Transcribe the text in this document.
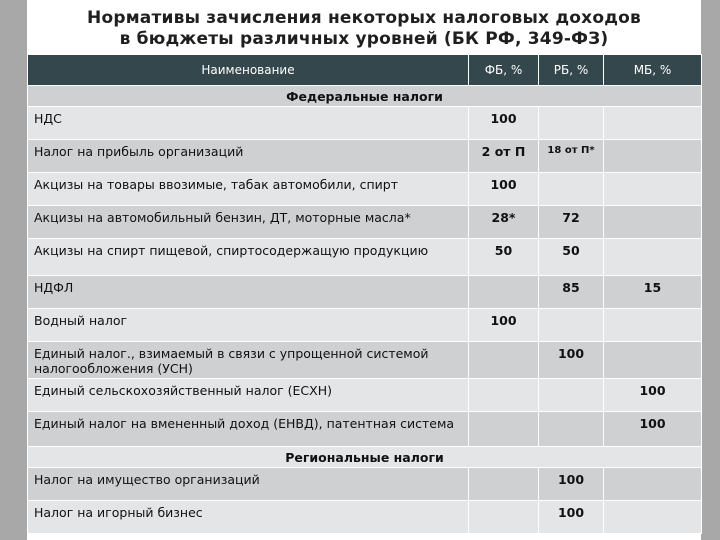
Нормативы зачисления некоторых налоговых доходов
в бюджеты различных уровней (БК РФ, 349-ФЗ)
Наименование	ФБ, %	РБ, %	МБ, %
Федеральные налоги			
НДС	100		
Налог на прибыль организаций	2 от П	18 от П*	
Акцизы на товары ввозимые, табак автомобили, спирт	100		
Акцизы на автомобильный бензин, ДТ, моторные масла*	28*	72	
Акцизы на спирт пищевой, спиртосодержащую продукцию	50	50	
НДФЛ		85	15
Водный налог	100		
Единый налог., взимаемый в связи с упрощенной системой налогообложения (УСН)		100	
Единый сельскохозяйственный налог (ЕСХН)			100
Единый налог на вмененный доход (ЕНВД), патентная система			100
Региональные налоги			
Налог на имущество организаций		100	
Налог на игорный бизнес		100	
